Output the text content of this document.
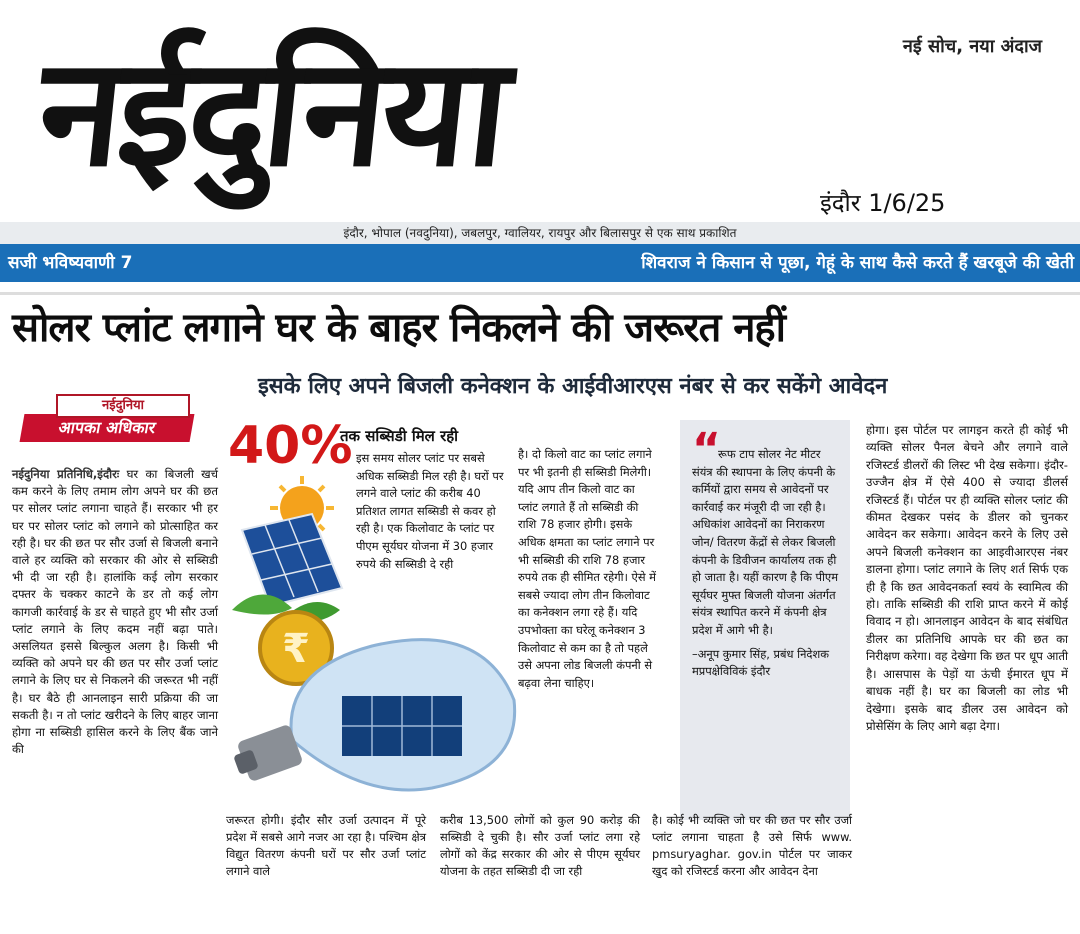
नईदुनिया	नई सोच, नया अंदाज
इंदौर 1/6/25
इंदौर, भोपाल (नवदुनिया), जबलपुर, ग्वालियर, रायपुर और बिलासपुर से एक साथ प्रकाशित
सजी भविष्यवाणी 7	शिवराज ने किसान से पूछा, गेहूं के साथ कैसे करते हैं खरबूजे की खेती
सोलर प्लांट लगाने घर के बाहर निकलने की जरूरत नहीं
इसके लिए अपने बिजली कनेक्शन के आईवीआरएस नंबर से कर सकेंगे आवेदन
आपका अधिकार
नईदुनिया
नईदुनिया प्रतिनिधि,इंदौरः घर का बिजली खर्च कम करने के लिए तमाम लोग अपने घर की छत पर सोलर प्लांट लगाना चाहते हैं। सरकार भी हर घर पर सोलर प्लांट को लगाने को प्रोत्साहित कर रही है। घर की छत पर सौर उर्जा से बिजली बनाने वाले हर व्यक्ति को सरकार की ओर से सब्सिडी भी दी जा रही है। हालांकि कई लोग सरकार दफ्तर के चक्कर काटने के डर तो कई लोग कागजी कार्रवाई के डर से चाहते हुए भी सौर उर्जा प्लांट लगाने के लिए कदम नहीं बढ़ा पाते। असलियत इससे बिल्कुल अलग है। किसी भी व्यक्ति को अपने घर की छत पर सौर उर्जा प्लांट लगाने के लिए घर से निकलने की जरूरत भी नहीं है। घर बैठे ही आनलाइन सारी प्रक्रिया की जा सकती है। न तो प्लांट खरीदने के लिए बाहर जाना होगा ना सब्सिडी हासिल करने के लिए बैंक जाने की
40%
तक सब्सिडी मिल रही
₹
इस समय सोलर प्लांट पर सबसे अधिक सब्सिडी मिल रही है। घरों पर लगने वाले प्लांट की करीब 40 प्रतिशत लागत सब्सिडी से कवर हो रही है। एक किलोवाट के प्लांट पर पीएम सूर्यघर योजना में 30 हजार रुपये की सब्सिडी दे रही
है। दो किलो वाट का प्लांट लगाने पर भी इतनी ही सब्सिडी मिलेगी। यदि आप तीन किलो वाट का प्लांट लगाते हैं तो सब्सिडी की राशि 78 हजार होगी। इसके अधिक क्षमता का प्लांट लगाने पर भी सब्सिडी की राशि 78 हजार रुपये तक ही सीमित रहेगी। ऐसे में सबसे ज्यादा लोग तीन किलोवाट का कनेक्शन लगा रहे हैं। यदि उपभोक्ता का घरेलू कनेक्शन 3 किलोवाट से कम का है तो पहले उसे अपना लोड बिजली कंपनी से बढ़वा लेना चाहिए।
“
रूफ टाप सोलर नेट मीटर संयंत्र की स्थापना के लिए कंपनी के कर्मियों द्वारा समय से आवेदनों पर कार्रवाई कर मंजूरी दी जा रही है। अधिकांश आवेदनों का निराकरण जोन/ वितरण केंद्रों से लेकर बिजली कंपनी के डिवीजन कार्यालय तक ही हो जाता है। यहीं कारण है कि पीएम सूर्यघर मुफ्त बिजली योजना अंतर्गत संयंत्र स्थापित करने में कंपनी क्षेत्र प्रदेश में आगे भी है।
–अनूप कुमार सिंह, प्रबंध निदेशक मप्रपक्षेविविकं इंदौर
होगा। इस पोर्टल पर लागइन करते ही कोई भी व्यक्ति सोलर पैनल बेचने और लगाने वाले रजिस्टर्ड डीलरों की लिस्ट भी देख सकेगा। इंदौर-उज्जैन क्षेत्र में ऐसे 400 से ज्यादा डीलर्स रजिस्टर्ड हैं। पोर्टल पर ही व्यक्ति सोलर प्लांट की कीमत देखकर पसंद के डीलर को चुनकर आवेदन कर सकेगा। आवेदन करने के लिए उसे अपने बिजली कनेक्शन का आइवीआरएस नंबर डालना होगा। प्लांट लगाने के लिए शर्त सिर्फ एक ही है कि छत आवेदनकर्ता स्वयं के स्वामित्व की हो। ताकि सब्सिडी की राशि प्राप्त करने में कोई विवाद न हो। आनलाइन आवेदन के बाद संबंधित डीलर का प्रतिनिधि आपके घर की छत का निरीक्षण करेगा। वह देखेगा कि छत पर धूप आती है। आसपास के पेड़ों या ऊंची ईमारत धूप में बाधक नहीं है। घर का बिजली का लोड भी देखेगा। इसके बाद डीलर उस आवेदन को प्रोसेसिंग के लिए आगे बढ़ा देगा।
जरूरत होगी। इंदौर सौर उर्जा उत्पादन में पूरे प्रदेश में सबसे आगे नजर आ रहा है। पश्चिम क्षेत्र विद्युत वितरण कंपनी घरों पर सौर उर्जा प्लांट लगाने वाले
करीब 13,500 लोगों को कुल 90 करोड़ की सब्सिडी दे चुकी है। सौर उर्जा प्लांट लगा रहे लोगों को केंद्र सरकार की ओर से पीएम सूर्यघर योजना के तहत सब्सिडी दी जा रही
है। कोई भी व्यक्ति जो घर की छत पर सौर उर्जा प्लांट लगाना चाहता है उसे सिर्फ www. pmsuryaghar. gov.in पोर्टल पर जाकर खुद को रजिस्टर्ड करना और आवेदन देना
